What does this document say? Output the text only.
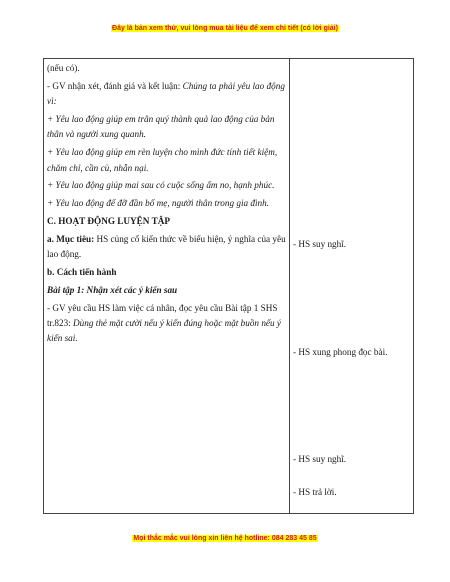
Đây là bản xem thử, vui lòng mua tài liệu để xem chi tiết (có lời giải)

(nếu có).

- GV nhận xét, đánh giá và kết luận: Chúng ta phải yêu lao động vì:

+ Yêu lao động giúp em trân quý thành quả lao động của bản thân và người xung quanh.

+ Yêu lao động giúp em rèn luyện cho mình đức tính tiết kiệm, chăm chỉ, cần cù, nhẫn nại.

+ Yêu lao động giúp mai sau có cuộc sống ấm no, hạnh phúc.

+ Yêu lao động để đỡ đần bố mẹ, người thân trong gia đình.

C. HOẠT ĐỘNG LUYỆN TẬP

a. Mục tiêu: HS củng cố kiến thức về biểu hiện, ý nghĩa của yêu lao động.

b. Cách tiến hành

Bài tập 1: Nhận xét các ý kiến sau

- GV yêu cầu HS làm việc cá nhân, đọc yêu cầu Bài tập 1 SHS tr.823: Dùng thẻ mặt cười nếu ý kiến đúng hoặc mặt buồn nếu ý kiến sai.

- HS suy nghĩ.

- HS xung phong đọc bài.

- HS suy nghĩ.

- HS trả lời.

Mọi thắc mắc vui lòng xin liên hệ hotline: 084 283 45 85
